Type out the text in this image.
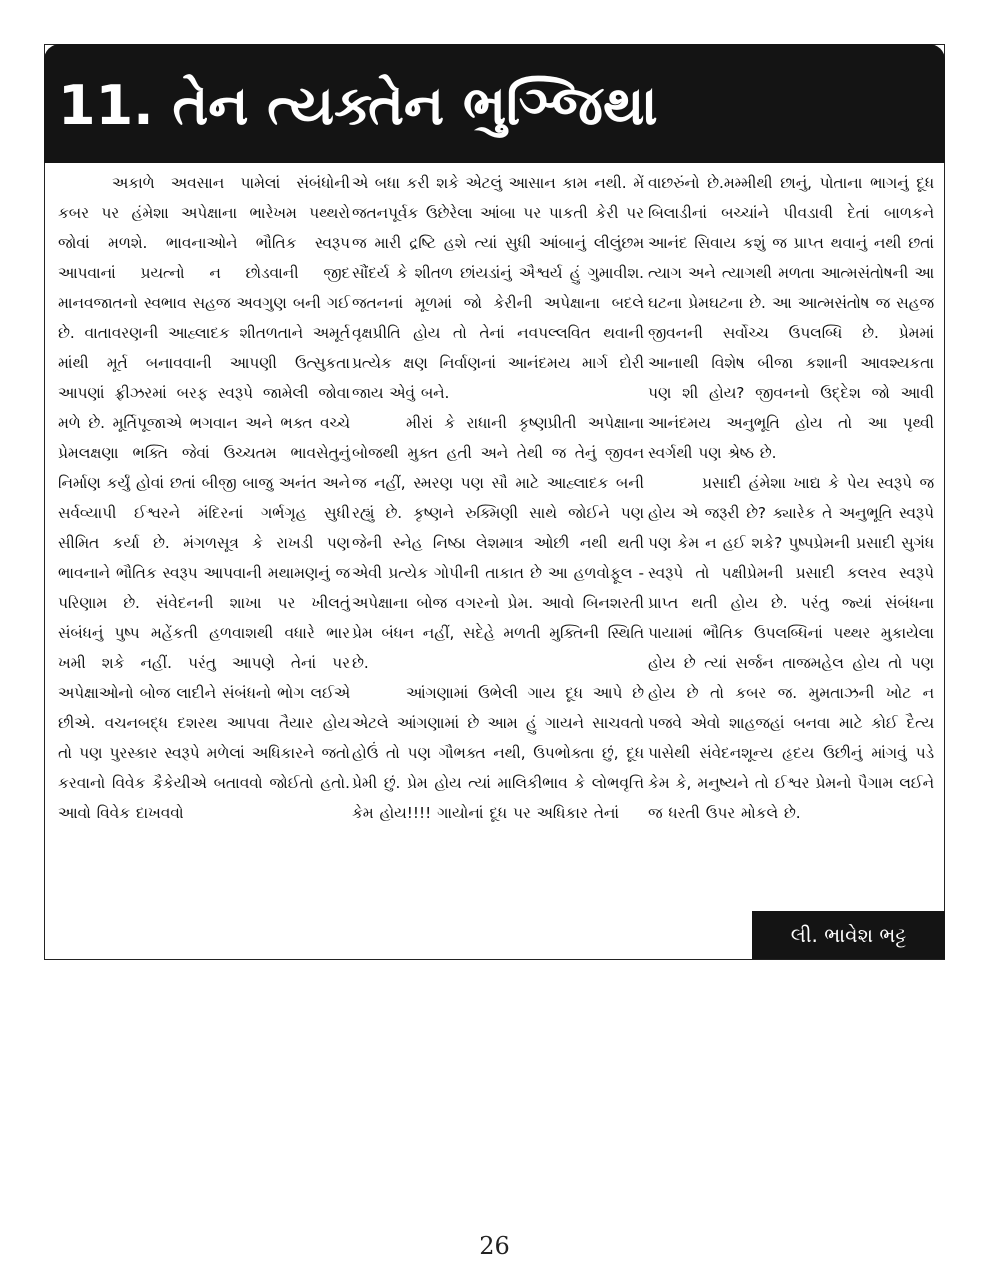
11. તેન ત્યક્તેન ભુઞ્જિથા

અકાળે અવસાન પામેલાં સંબંધોની કબર પર હંમેશા અપેક્ષાના ભારેખમ પથ્થરો જોવાં મળશે. ભાવનાઓને ભૌતિક સ્વરૂપ આપવાનાં પ્રયત્નો ન છોડવાની જીદ માનવજાતનો સ્વભાવ સહજ અવગુણ બની ગઈ છે. વાતાવરણની આહ્લાદક શીતળતાને અમૂર્ત માંથી મૂર્ત બનાવવાની આપણી ઉત્સુકતા આપણાં ફ્રીઝરમાં બરફ સ્વરૂપે જામેલી જોવા મળે છે. મૂર્તિપૂજાએ ભગવાન અને ભક્ત વચ્ચે પ્રેમલક્ષણા ભક્તિ જેવાં ઉચ્ચતમ ભાવસેતુનું નિર્માણ કર્યું હોવાં છતાં બીજી બાજુ અનંત અને સર્વવ્યાપી ઈશ્વરને મંદિરનાં ગર્ભગૃહ સુધી સીમિત કર્યા છે. મંગળસૂત્ર કે રાખડી પણ ભાવનાને ભૌતિક સ્વરૂપ આપવાની મથામણનું જ પરિણામ છે. સંવેદનની શાખા પર ખીલતું સંબંધનું પુષ્પ મહેંકતી હળવાશથી વધારે ભાર ખમી શકે નહીં. પરંતુ આપણે તેનાં પર અપેક્ષાઓનો બોજ લાદીને સંબંધનો ભોગ લઈએ છીએ. વચનબદ્ધ દશરથ આપવા તૈયાર હોય તો પણ પુરસ્કાર સ્વરૂપે મળેલાં અધિકારને જતો કરવાનો વિવેક કૈકેયીએ બતાવવો જોઈતો હતો. આવો વિવેક દાખવવો

એ બધા કરી શકે એટલું આસાન કામ નથી. મેં જતનપૂર્વક ઉછેરેલા આંબા પર પાકતી કેરી પર જ મારી દ્રષ્ટિ હશે ત્યાં સુધી આંબાનું લીલુંછમ સૌંદર્ય કે શીતળ છાંયડાંનું ઐશ્વર્ય હું ગુમાવીશ. જતનનાં મૂળમાં જો કેરીની અપેક્ષાના બદલે વૃક્ષપ્રીતિ હોય તો તેનાં નવપલ્લવિત થવાની પ્રત્યેક ક્ષણ નિર્વાણનાં આનંદમય માર્ગ દોરી જાય એવું બને.

મીરાં કે રાધાની કૃષ્ણપ્રીતી અપેક્ષાના બોજથી મુક્ત હતી અને તેથી જ તેનું જીવન જ નહીં, સ્મરણ પણ સૌ માટે આહ્લાદક બની રહ્યું છે. કૃષ્ણને રુક્મિણી સાથે જોઈને પણ જેની સ્નેહ નિષ્ઠા લેશમાત્ર ઓછી નથી થતી એવી પ્રત્યેક ગોપીની તાકાત છે આ હળવોફૂલ - અપેક્ષાના બોજ વગરનો પ્રેમ. આવો બિનશરતી પ્રેમ બંધન નહીં, સદેહે મળતી મુક્તિની સ્થિતિ છે.

આંગણામાં ઉભેલી ગાય દૂધ આપે છે એટલે આંગણામાં છે આમ હું ગાયને સાચવતો હોઉં તો પણ ગૌભક્ત નથી, ઉપભોક્તા છું, દૂધ પ્રેમી છું. પ્રેમ હોય ત્યાં માલિકીભાવ કે લોભવૃત્તિ કેમ હોય!!!! ગાયોનાં દૂધ પર અધિકાર તેનાં

વાછરુંનો છે.મમ્મીથી છાનું, પોતાના ભાગનું દૂધ બિલાડીનાં બચ્ચાંને પીવડાવી દેતાં બાળકને આનંદ સિવાય કશું જ પ્રાપ્ત થવાનું નથી છતાં ત્યાગ અને ત્યાગથી મળતા આત્મસંતોષની આ ઘટના પ્રેમઘટના છે. આ આત્મસંતોષ જ સહજ જીવનની સર્વોચ્ચ ઉપલબ્ધિ છે. પ્રેમમાં આનાથી વિશેષ બીજા કશાની આવશ્યકતા પણ શી હોય? જીવનનો ઉદ્દેશ જો આવી આનંદમય અનુભૂતિ હોય તો આ પૃથ્વી સ્વર્ગથી પણ શ્રેષ્ઠ છે.

પ્રસાદી હંમેશા ખાદ્ય કે પેય સ્વરૂપે જ હોય એ જરૂરી છે? ક્યારેક તે અનુભૂતિ સ્વરૂપે પણ કેમ ન હઈ શકે? પુષ્પપ્રેમની પ્રસાદી સુગંધ સ્વરૂપે તો પક્ષીપ્રેમની પ્રસાદી કલરવ સ્વરૂપે પ્રાપ્ત થતી હોય છે. પરંતુ જ્યાં સંબંધના પાયામાં ભૌતિક ઉપલબ્ધિનાં પથ્થર મુકાયેલા હોય છે ત્યાં સર્જન તાજમહેલ હોય તો પણ હોય છે તો કબર જ. મુમતાઝની ખોટ ન પજવે એવો શાહજહાં બનવા માટે કોઈ દૈત્ય પાસેથી સંવેદનશૂન્ય હૃદય ઉછીનું માંગવું પડે કેમ કે, મનુષ્યને તો ઈશ્વર પ્રેમનો પૈગામ લઈને જ ધરતી ઉપર મોકલે છે.

લી. ભાવેશ ભટ્ટ
26
